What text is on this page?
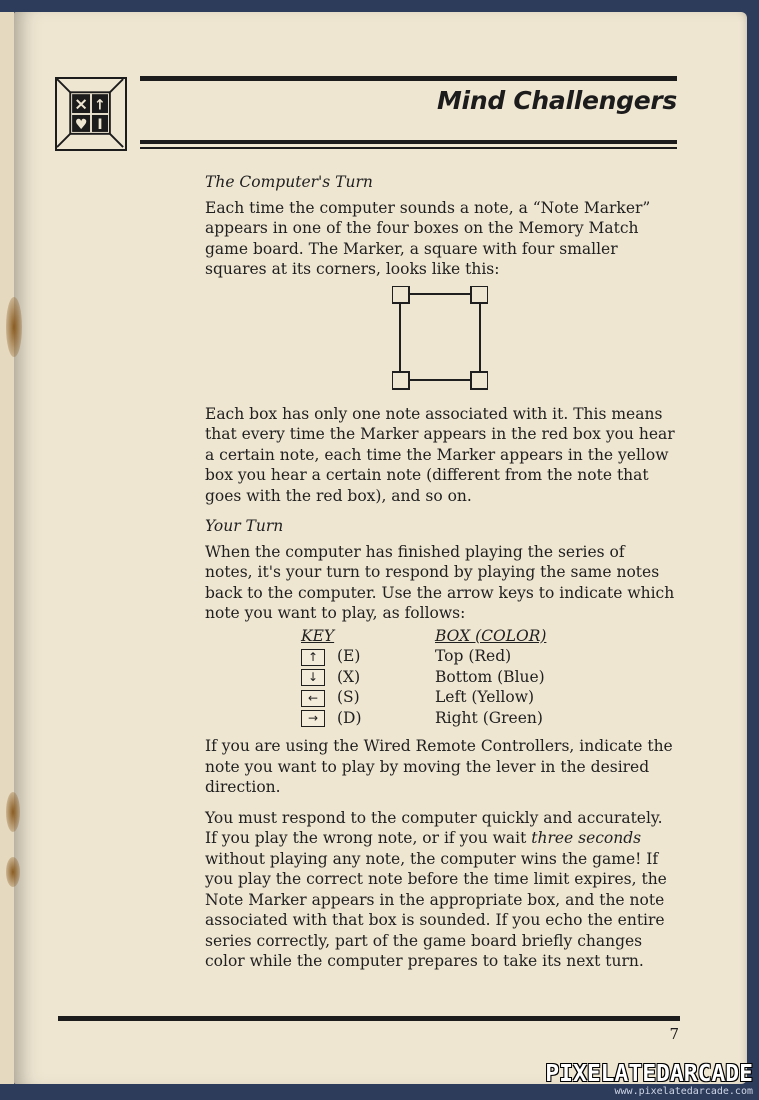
× ↑
♥ I
Mind Challengers
The Computer's Turn

Each time the computer sounds a note, a “Note Marker” appears in one of the four boxes on the Memory Match game board. The Marker, a square with four smaller squares at its corners, looks like this:

Each box has only one note associated with it. This means that every time the Marker appears in the red box you hear a certain note, each time the Marker appears in the yellow box you hear a certain note (different from the note that goes with the red box), and so on.

Your Turn

When the computer has finished playing the series of notes, it's your turn to respond by playing the same notes back to the computer. Use the arrow keys to indicate which note you want to play, as follows:

KEY	BOX (COLOR)
↑ (E)	Top (Red)
↓ (X)	Bottom (Blue)
← (S)	Left (Yellow)
→ (D)	Right (Green)

If you are using the Wired Remote Controllers, indicate the note you want to play by moving the lever in the desired direction.

You must respond to the computer quickly and accurately. If you play the wrong note, or if you wait three seconds without playing any note, the computer wins the game! If you play the correct note before the time limit expires, the Note Marker appears in the appropriate box, and the note associated with that box is sounded. If you echo the entire series correctly, part of the game board briefly changes color while the computer prepares to take its next turn.

7
PIXELATEDARCADE
www.pixelatedarcade.com
